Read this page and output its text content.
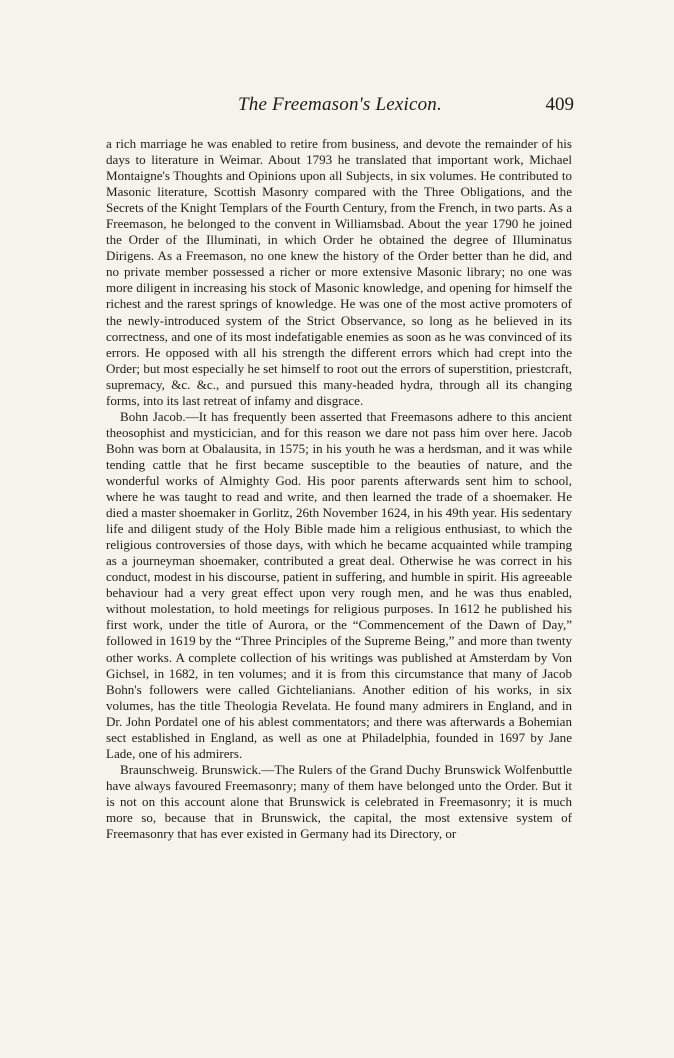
The Freemason's Lexicon.	409

a rich marriage he was enabled to retire from business, and devote the remainder of his days to literature in Weimar. About 1793 he translated that important work, Michael Montaigne's Thoughts and Opinions upon all Subjects, in six volumes. He contributed to Masonic literature, Scottish Masonry compared with the Three Obligations, and the Secrets of the Knight Templars of the Fourth Century, from the French, in two parts. As a Freemason, he belonged to the convent in Williamsbad. About the year 1790 he joined the Order of the Illuminati, in which Order he obtained the degree of Illuminatus Dirigens. As a Freemason, no one knew the history of the Order better than he did, and no private member possessed a richer or more extensive Masonic library; no one was more diligent in increasing his stock of Masonic knowledge, and opening for himself the richest and the rarest springs of knowledge. He was one of the most active promoters of the newly-introduced system of the Strict Observance, so long as he believed in its correctness, and one of its most indefatigable enemies as soon as he was convinced of its errors. He opposed with all his strength the different errors which had crept into the Order; but most especially he set himself to root out the errors of superstition, priestcraft, supremacy, &c. &c., and pursued this many-headed hydra, through all its changing forms, into its last retreat of infamy and disgrace.

Bohn Jacob.—It has frequently been asserted that Freemasons adhere to this ancient theosophist and mysticician, and for this reason we dare not pass him over here. Jacob Bohn was born at Obalausita, in 1575; in his youth he was a herdsman, and it was while tending cattle that he first became susceptible to the beauties of nature, and the wonderful works of Almighty God. His poor parents afterwards sent him to school, where he was taught to read and write, and then learned the trade of a shoemaker. He died a master shoemaker in Gorlitz, 26th November 1624, in his 49th year. His sedentary life and diligent study of the Holy Bible made him a religious enthusiast, to which the religious controversies of those days, with which he became acquainted while tramping as a journeyman shoemaker, contributed a great deal. Otherwise he was correct in his conduct, modest in his discourse, patient in suffering, and humble in spirit. His agreeable behaviour had a very great effect upon very rough men, and he was thus enabled, without molestation, to hold meetings for religious purposes. In 1612 he published his first work, under the title of Aurora, or the “Commencement of the Dawn of Day,” followed in 1619 by the “Three Principles of the Supreme Being,” and more than twenty other works. A complete collection of his writings was published at Amsterdam by Von Gichsel, in 1682, in ten volumes; and it is from this circumstance that many of Jacob Bohn's followers were called Gichtelianians. Another edition of his works, in six volumes, has the title Theologia Revelata. He found many admirers in England, and in Dr. John Pordatel one of his ablest commentators; and there was afterwards a Bohemian sect established in England, as well as one at Philadelphia, founded in 1697 by Jane Lade, one of his admirers.

Braunschweig. Brunswick.—The Rulers of the Grand Duchy Brunswick Wolfenbuttle have always favoured Freemasonry; many of them have belonged unto the Order. But it is not on this account alone that Brunswick is celebrated in Freemasonry; it is much more so, because that in Brunswick, the capital, the most extensive system of Freemasonry that has ever existed in Germany had its Directory, or
